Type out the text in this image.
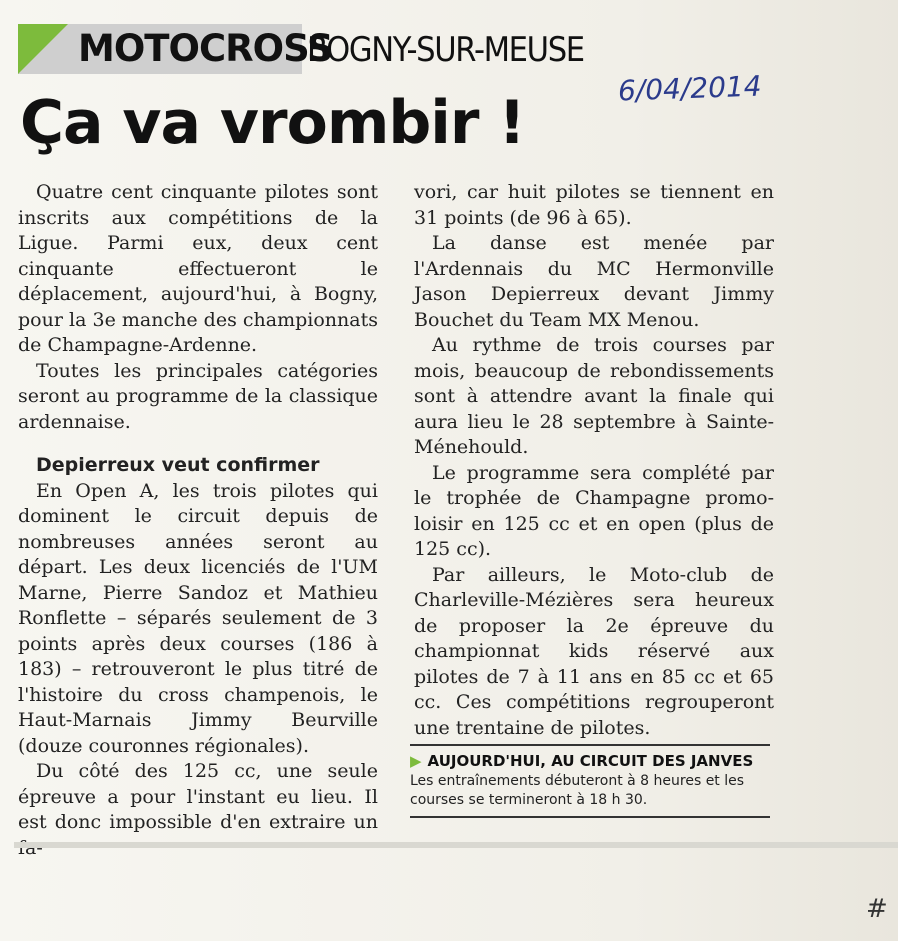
MOTOCROSS
BOGNY-SUR-MEUSE
6/04/2014
Ça va vrombir !

Quatre cent cinquante pilotes sont inscrits aux compétitions de la Ligue. Parmi eux, deux cent cinquante effectueront le déplacement, aujourd'hui, à Bogny, pour la 3e manche des championnats de Champagne-Ardenne.

Toutes les principales catégories seront au programme de la classique ardennaise.

Depierreux veut confirmer

En Open A, les trois pilotes qui dominent le circuit depuis de nombreuses années seront au départ. Les deux licenciés de l'UM Marne, Pierre Sandoz et Mathieu Ronflette – séparés seulement de 3 points après deux courses (186 à 183) – retrouveront le plus titré de l'histoire du cross champenois, le Haut-Marnais Jimmy Beurville (douze couronnes régionales).

Du côté des 125 cc, une seule épreuve a pour l'instant eu lieu. Il est donc impossible d'en extraire un

vori, car huit pilotes se tiennent en 31 points (de 96 à 65).

La danse est menée par l'Ardennais du MC Hermonville Jason Depierreux devant Jimmy Bouchet du Team MX Menou.

Au rythme de trois courses par mois, beaucoup de rebondissements sont à attendre avant la finale qui aura lieu le 28 septembre à Sainte-Ménehould.

Le programme sera complété par le trophée de Champagne promo-loisir en 125 cc et en open (plus de 125 cc).

Par ailleurs, le Moto-club de Charleville-Mézières sera heureux de proposer la 2e épreuve du championnat kids réservé aux pilotes de 7 à 11 ans en 85 cc et 65 cc. Ces compétitions regrouperont une trentaine de pilotes.

▶ AUJOURD'HUI, AU CIRCUIT DES JANVES
Les entraînements débuteront à 8 heures et les courses se termineront à 18 h 30.
#
